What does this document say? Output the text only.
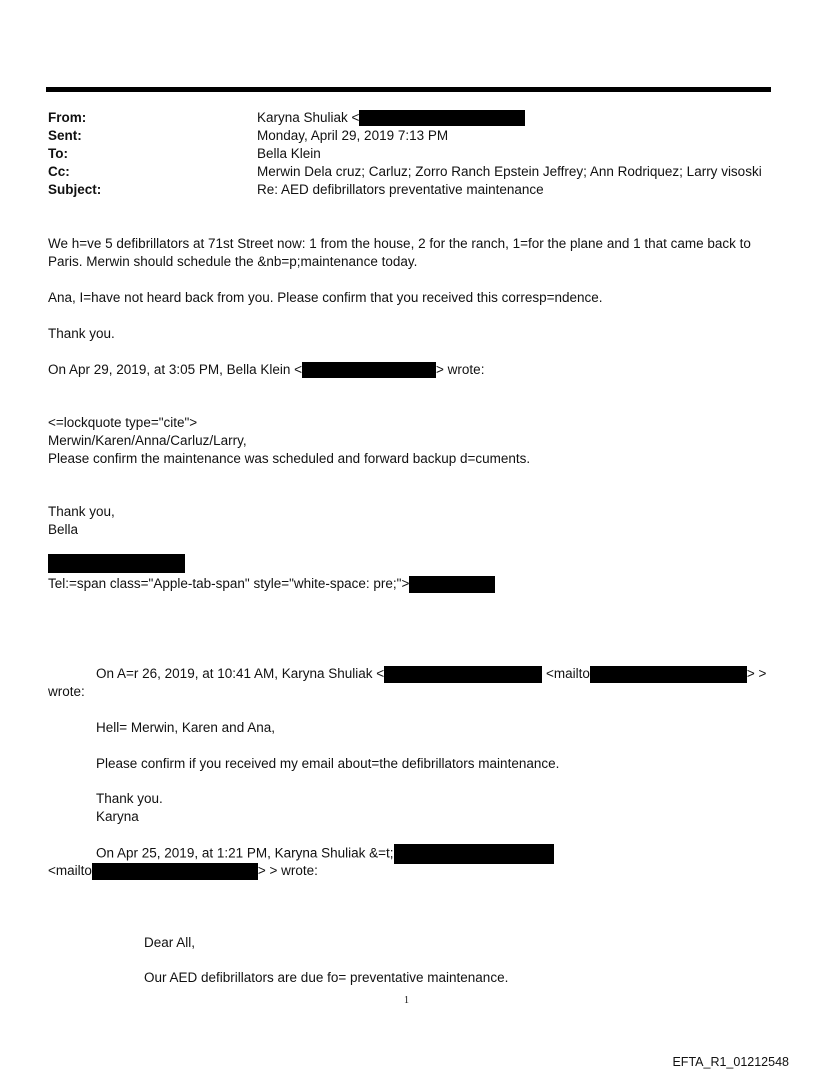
From:	Karyna Shuliak <
Sent:	Monday, April 29, 2019 7:13 PM
To:	Bella Klein
Cc:	Merwin Dela cruz; Carluz; Zorro Ranch Epstein Jeffrey; Ann Rodriquez; Larry visoski
Subject:	Re: AED defibrillators preventative maintenance
We h=ve 5 defibrillators at 71st Street now: 1 from the house, 2 for the ranch, 1=for the plane and 1 that came back to
Paris. Merwin should schedule the &nb=p;maintenance today.
Ana, I=have not heard back from you. Please confirm that you received this corresp=ndence.
Thank you.
On Apr 29, 2019, at 3:05 PM, Bella Klein <	> wrote:
<=lockquote type="cite">
Merwin/Karen/Anna/Carluz/Larry,
Please confirm the maintenance was scheduled and forward backup d=cuments.
Thank you,
Bella
Tel:=span class="Apple-tab-span" style="white-space: pre;">
On A=r 26, 2019, at 10:41 AM, Karyna Shuliak <	<mailto	> >
wrote:
Hell= Merwin, Karen and Ana,
Please confirm if you received my email about=the defibrillators maintenance.
Thank you.
Karyna
On Apr 25, 2019, at 1:21 PM, Karyna Shuliak &=t;
<mailto	> > wrote:
Dear All,
Our AED defibrillators are due fo= preventative maintenance.
1
EFTA_R1_01212548
